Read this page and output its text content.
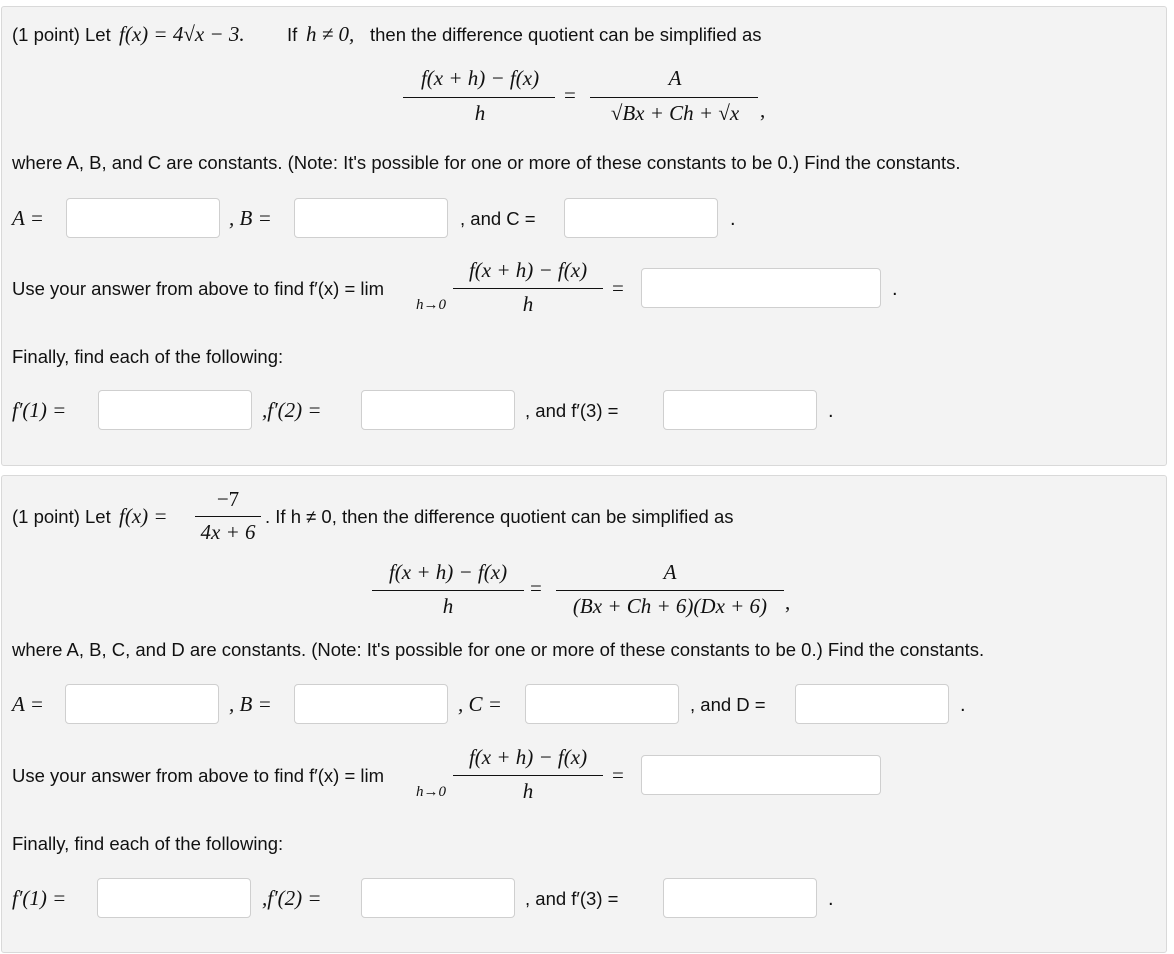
(1 point) Let f(x) = 4√x − 3. If h ≠ 0, then the difference quotient can be simplified as
f(x + h) − f(x)
h
=
A
√Bx + Ch + √x ,
where A, B, and C are constants. (Note: It's possible for one or more of these constants to be 0.) Find the constants.
A =	, B =	, and C =	.
Use your answer from above to find f′(x) = lim
h→0
f(x + h) − f(x)
h
=	.
Finally, find each of the following:
f′(1) =	,f′(2) =	, and f′(3) =	.
(1 point) Let f(x) =
−7
4x + 6
. If h ≠ 0, then the difference quotient can be simplified as
f(x + h) − f(x)
h
=
A
(Bx + Ch + 6)(Dx + 6) ,
where A, B, C, and D are constants. (Note: It's possible for one or more of these constants to be 0.) Find the constants.
A =	, B =	, C =	, and D =	.
Use your answer from above to find f′(x) = lim
h→0
f(x + h) − f(x)
h
=
Finally, find each of the following:
f′(1) =	,f′(2) =	, and f′(3) =	.
